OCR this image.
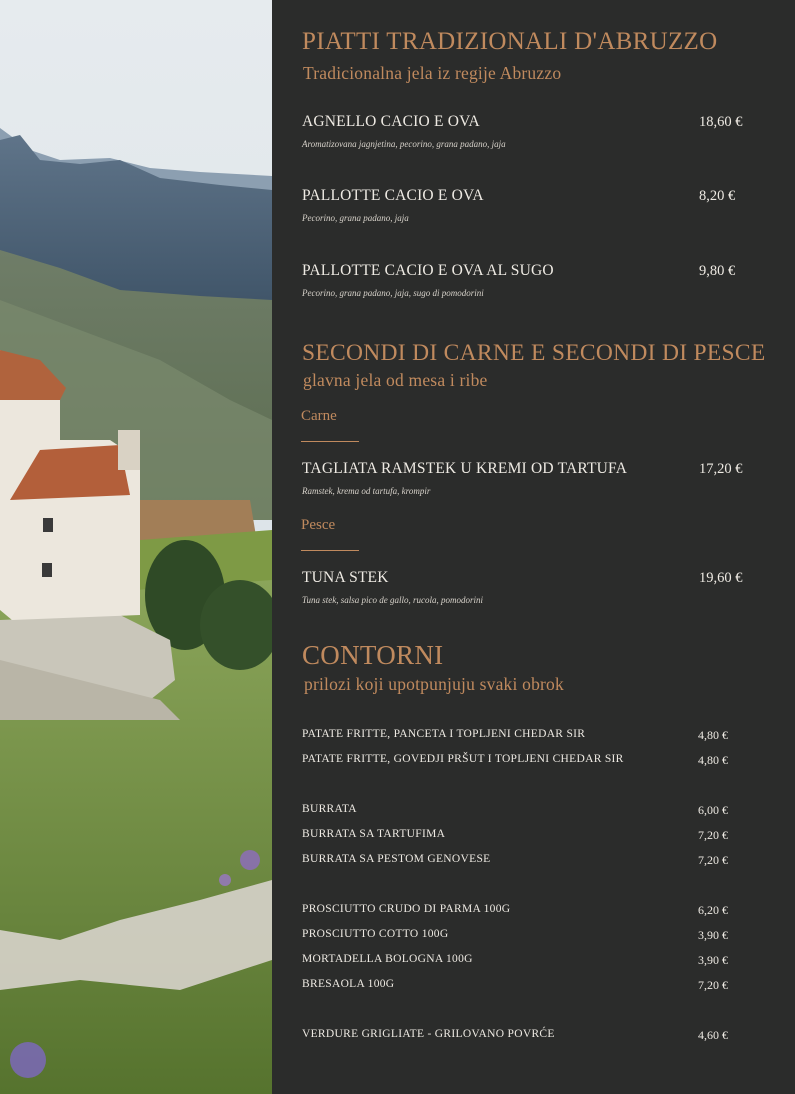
PIATTI TRADIZIONALI D'ABRUZZO
Tradicionalna jela iz regije Abruzzo
AGNELLO CACIO E OVA	18,60 €
Aromatizovana jagnjetina, pecorino, grana padano, jaja
PALLOTTE CACIO E OVA	8,20 €
Pecorino, grana padano, jaja
PALLOTTE CACIO E OVA AL SUGO	9,80 €
Pecorino, grana padano, jaja, sugo di pomodorini
SECONDI DI CARNE E SECONDI DI PESCE
glavna jela od mesa i ribe
Carne
TAGLIATA RAMSTEK U KREMI OD TARTUFA	17,20 €
Ramstek, krema od tartufa, krompir
Pesce
TUNA STEK	19,60 €
Tuna stek, salsa pico de gallo, rucola, pomodorini
CONTORNI
prilozi koji upotpunjuju svaki obrok
PATATE FRITTE, PANCETA I TOPLJENI CHEDAR SIR	4,80 €
PATATE FRITTE, GOVEDJI PRŠUT I TOPLJENI CHEDAR SIR	4,80 €
BURRATA	6,00 €
BURRATA SA TARTUFIMA	7,20 €
BURRATA SA PESTOM GENOVESE	7,20 €
PROSCIUTTO CRUDO DI PARMA 100G	6,20 €
PROSCIUTTO COTTO 100G	3,90 €
MORTADELLA BOLOGNA 100G	3,90 €
BRESAOLA 100G	7,20 €
VERDURE GRIGLIATE - GRILOVANO POVRĆE	4,60 €
